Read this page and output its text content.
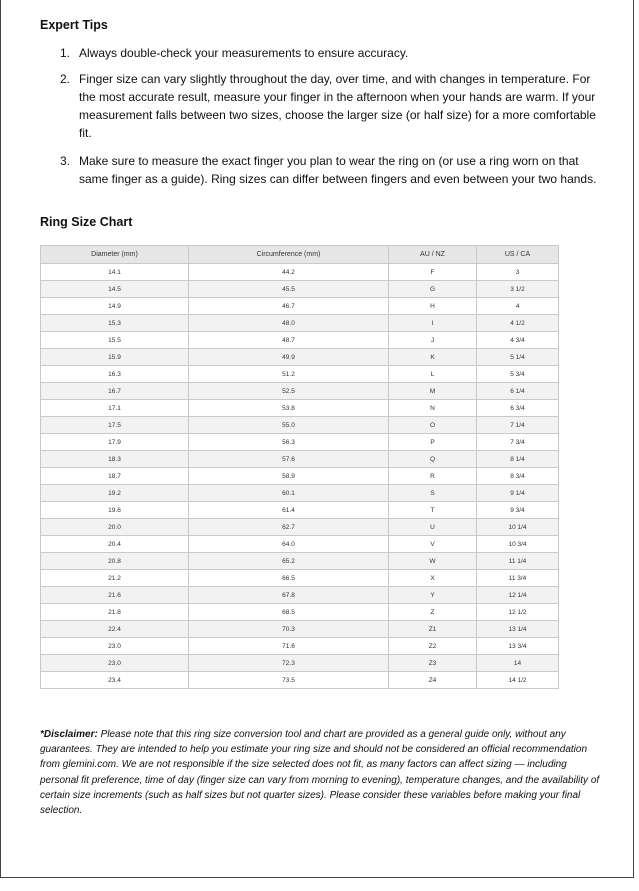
Expert Tips
1. Always double-check your measurements to ensure accuracy.
2. Finger size can vary slightly throughout the day, over time, and with changes in temperature. For the most accurate result, measure your finger in the afternoon when your hands are warm. If your measurement falls between two sizes, choose the larger size (or half size) for a more comfortable fit.
3. Make sure to measure the exact finger you plan to wear the ring on (or use a ring worn on that same finger as a guide). Ring sizes can differ between fingers and even between your two hands.
Ring Size Chart
Diameter (mm)	Circumference (mm)	AU / NZ	US / CA
14.1	44.2	F	3
14.5	45.5	G	3 1/2
14.9	46.7	H	4
15.3	48.0	I	4 1/2
15.5	48.7	J	4 3/4
15.9	49.9	K	5 1/4
16.3	51.2	L	5 3/4
16.7	52.5	M	6 1/4
17.1	53.8	N	6 3/4
17.5	55.0	O	7 1/4
17.9	56.3	P	7 3/4
18.3	57.6	Q	8 1/4
18.7	58.9	R	8 3/4
19.2	60.1	S	9 1/4
19.6	61.4	T	9 3/4
20.0	62.7	U	10 1/4
20.4	64.0	V	10 3/4
20.8	65.2	W	11 1/4
21.2	66.5	X	11 3/4
21.6	67.8	Y	12 1/4
21.8	68.5	Z	12 1/2
22.4	70.3	Z1	13 1/4
23.0	71.6	Z2	13 3/4
23.0	72.3	Z3	14
23.4	73.5	Z4	14 1/2
*Disclaimer: Please note that this ring size conversion tool and chart are provided as a general guide only, without any guarantees. They are intended to help you estimate your ring size and should not be considered an official recommendation from glemini.com. We are not responsible if the size selected does not fit, as many factors can affect sizing — including personal fit preference, time of day (finger size can vary from morning to evening), temperature changes, and the availability of certain size increments (such as half sizes but not quarter sizes). Please consider these variables before making your final selection.
